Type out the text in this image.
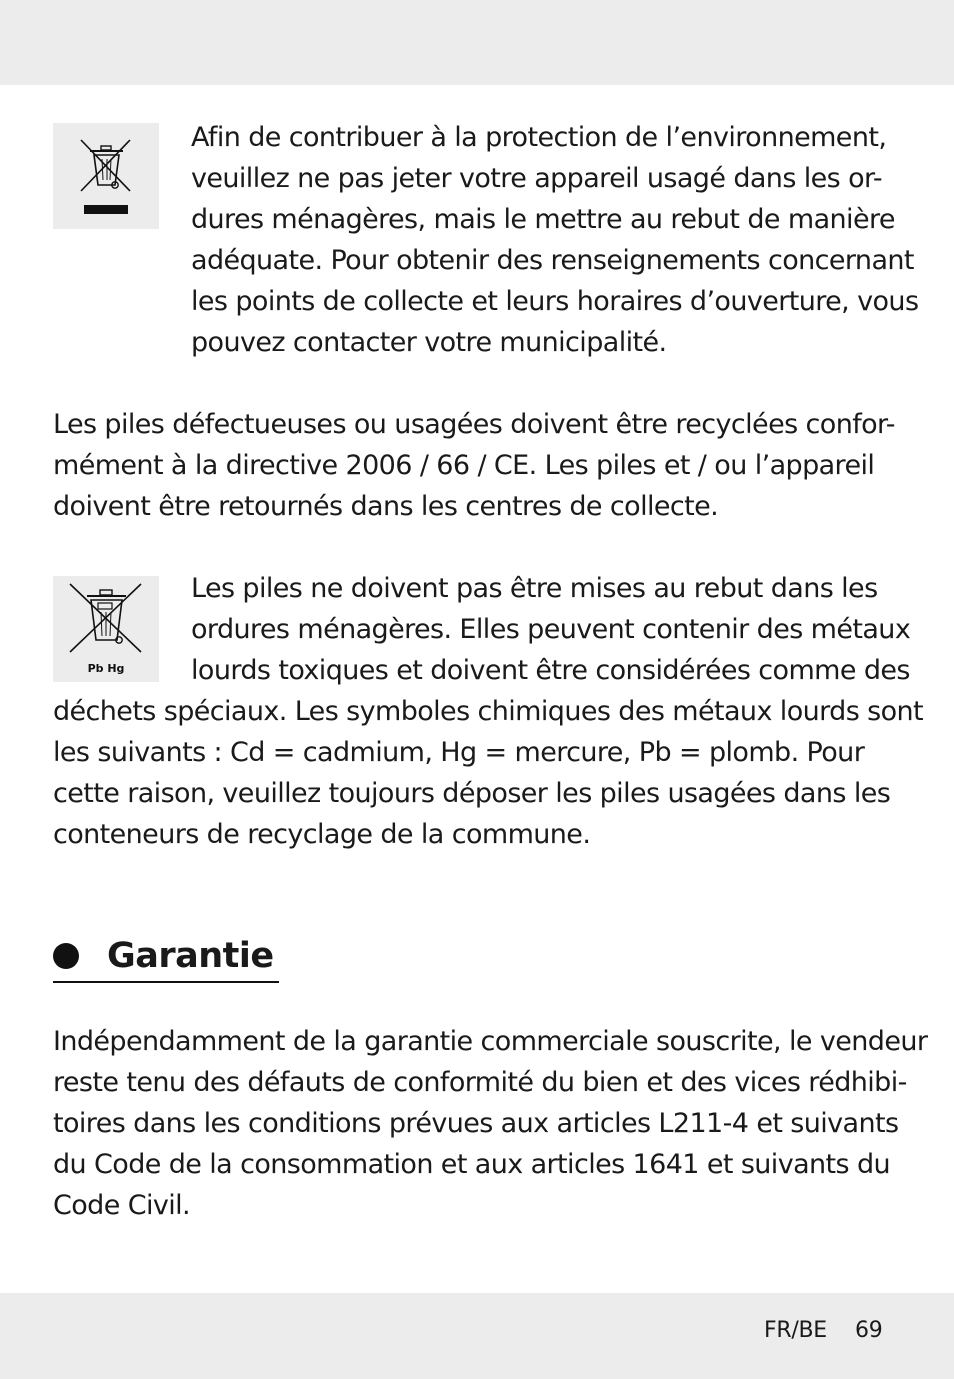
Afin de contribuer à la protection de l’environnement,
veuillez ne pas jeter votre appareil usagé dans les or-
dures ménagères, mais le mettre au rebut de manière
adéquate. Pour obtenir des renseignements concernant
les points de collecte et leurs horaires d’ouverture, vous
pouvez contacter votre municipalité.
Les piles défectueuses ou usagées doivent être recyclées confor-
mément à la directive 2006 / 66 / CE. Les piles et / ou l’appareil
doivent être retournés dans les centres de collecte.
Pb Hg
Les piles ne doivent pas être mises au rebut dans les
ordures ménagères. Elles peuvent contenir des métaux
lourds toxiques et doivent être considérées comme des
déchets spéciaux. Les symboles chimiques des métaux lourds sont
les suivants : Cd = cadmium, Hg = mercure, Pb = plomb. Pour
cette raison, veuillez toujours déposer les piles usagées dans les
conteneurs de recyclage de la commune.
Garantie
Indépendamment de la garantie commerciale souscrite, le vendeur
reste tenu des défauts de conformité du bien et des vices rédhibi-
toires dans les conditions prévues aux articles L211-4 et suivants
du Code de la consommation et aux articles 1641 et suivants du
Code Civil.
FR/BE 69
